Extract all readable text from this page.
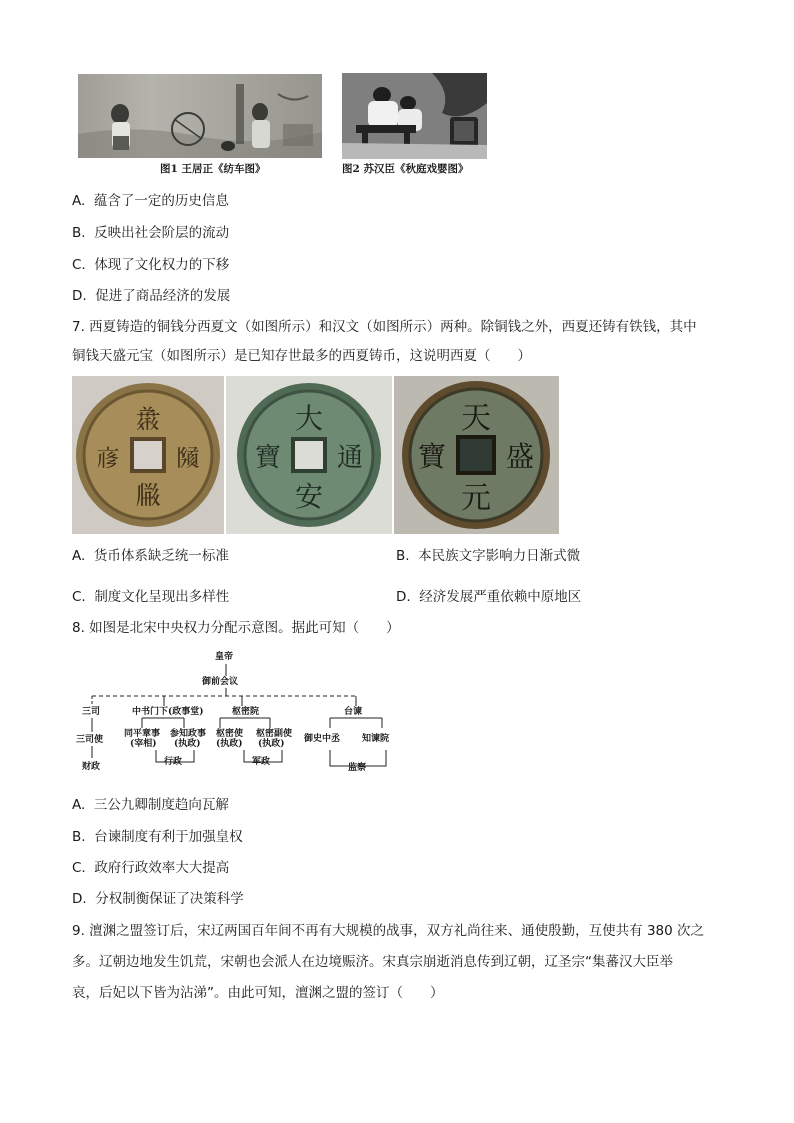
图1 王居正《纺车图》	图2 苏汉臣《秋庭戏婴图》
A. 蕴含了一定的历史信息
B. 反映出社会阶层的流动
C. 体现了文化权力的下移
D. 促进了商品经济的发展
7. 西夏铸造的铜钱分西夏文（如图所示）和汉文（如图所示）两种。除铜钱之外，西夏还铸有铁钱，其中
铜钱天盛元宝（如图所示）是已知存世最多的西夏铸币，这说明西夏（　　）
𘟪
𗆐
𗇋 𗂧
大
安
寶 通
天
元
寶 盛
A. 货币体系缺乏统一标准	B. 本民族文字影响力日渐式微
C. 制度文化呈现出多样性	D. 经济发展严重依赖中原地区
8. 如图是北宋中央权力分配示意图。据此可知（　　）
皇帝
御前会议
三司	中书门下(政事堂)	枢密院	台谏
三司使
财政
同平章事
(宰相)
参知政事
(执政)
枢密使
(执政)
枢密副使
(执政) 御史中丞 知谏院
行政	军政
监察
A. 三公九卿制度趋向瓦解
B. 台谏制度有利于加强皇权
C. 政府行政效率大大提高
D. 分权制衡保证了决策科学
9. 澶渊之盟签订后，宋辽两国百年间不再有大规模的战事，双方礼尚往来、通使殷勤，互使共有 380 次之
多。辽朝边地发生饥荒，宋朝也会派人在边境赈济。宋真宗崩逝消息传到辽朝，辽圣宗“集蕃汉大臣举
哀，后妃以下皆为沾涕”。由此可知，澶渊之盟的签订（　　）
